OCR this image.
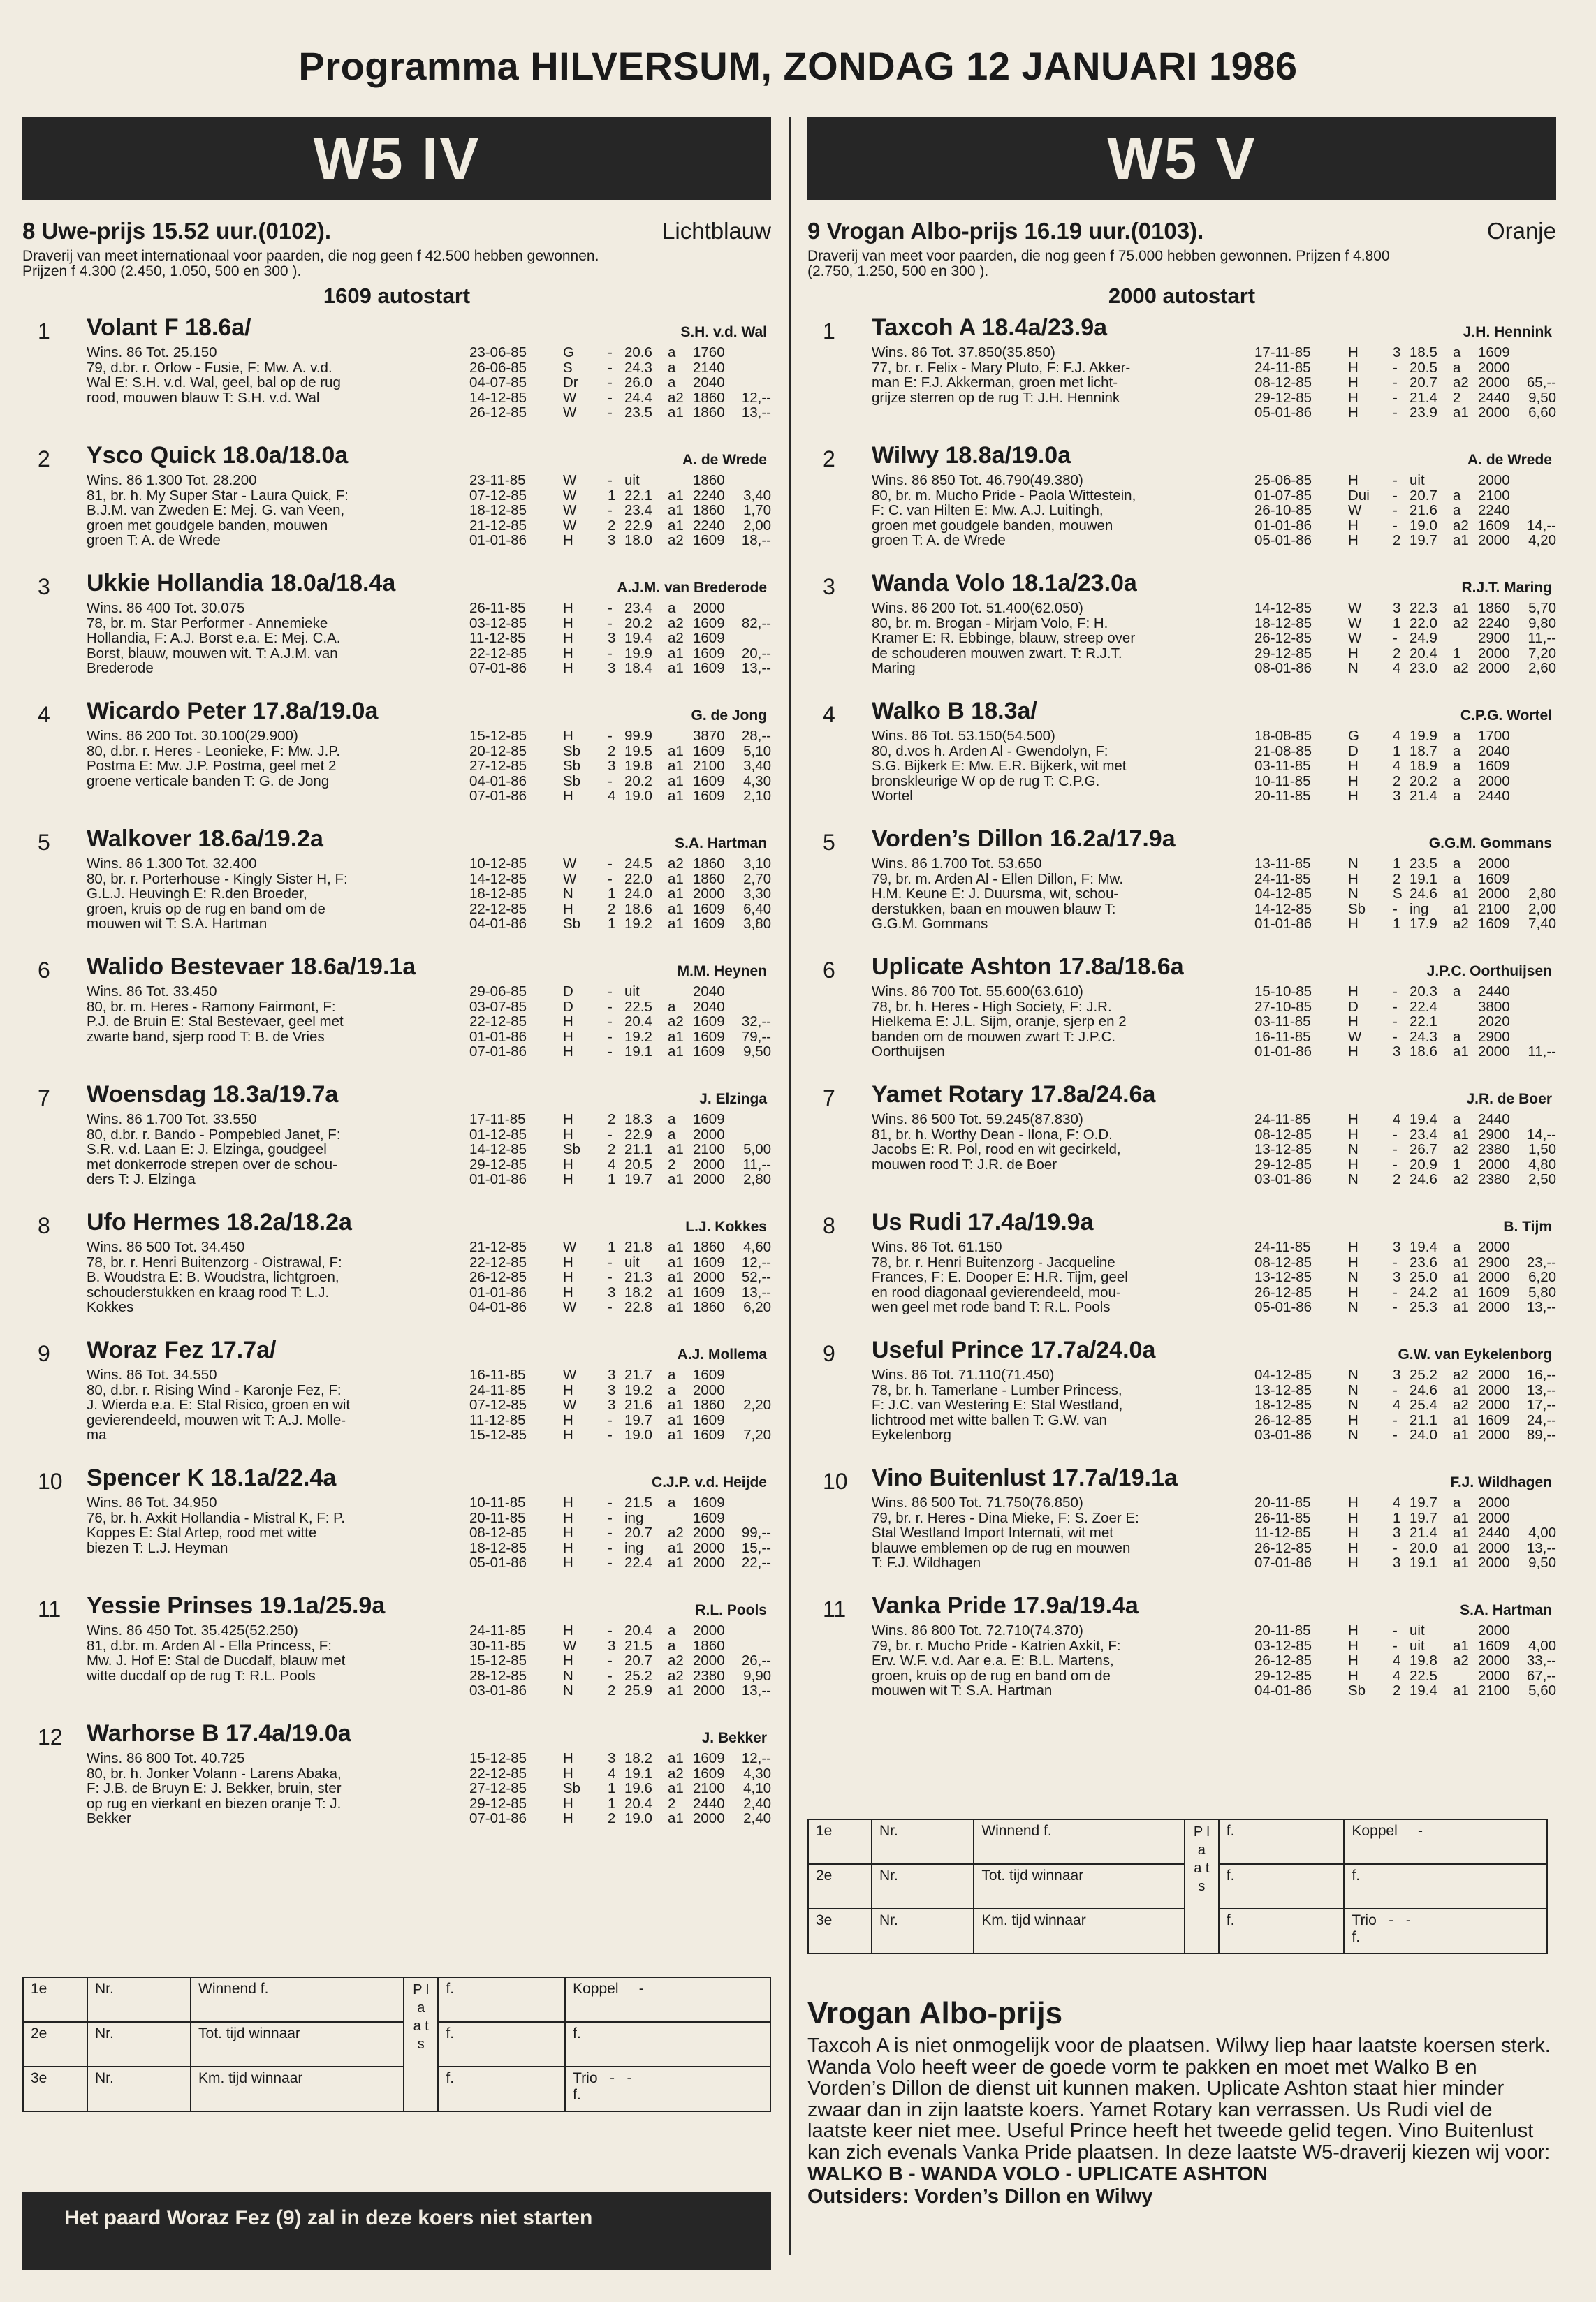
Programma HILVERSUM, ZONDAG 12 JANUARI 1986
W5 IV
8 Uwe-prijs 15.52 uur.(0102).	Lichtblauw
Draverij van meet internationaal voor paarden, die nog geen f 42.500 hebben gewonnen. Prijzen f 4.300 (2.450, 1.050, 500 en 300 ).
1609 autostart
1 Volant F 18.6a/	S.H. v.d. Wal
Wins. 86 Tot. 25.150
79, d.br. r. Orlow - Fusie, F: Mw. A. v.d.
Wal E: S.H. v.d. Wal, geel, bal op de rug
rood, mouwen blauw T: S.H. v.d. Wal
23-06-85	G - 20.6 a 1760
26-06-85	S - 24.3 a 2140
04-07-85	Dr - 26.0 a 2040
14-12-85	W - 24.4 a2 1860 12,--
26-12-85	W - 23.5 a1 1860 13,--
2 Ysco Quick 18.0a/18.0a	A. de Wrede
Wins. 86 1.300 Tot. 28.200
81, br. h. My Super Star - Laura Quick, F:
B.J.M. van Zweden E: Mej. G. van Veen,
groen met goudgele banden, mouwen
groen T: A. de Wrede
23-11-85	W - uit	1860
07-12-85	W 1 22.1 a1 2240 3,40
18-12-85	W - 23.4 a1 1860 1,70
21-12-85	W 2 22.9 a1 2240 2,00
01-01-86	H 3 18.0 a2 1609 18,--
3 Ukkie Hollandia 18.0a/18.4a	A.J.M. van Brederode
Wins. 86 400 Tot. 30.075
78, br. m. Star Performer - Annemieke
Hollandia, F: A.J. Borst e.a. E: Mej. C.A.
Borst, blauw, mouwen wit. T: A.J.M. van
Brederode
26-11-85	H - 23.4 a 2000
03-12-85	H - 20.2 a2 1609 82,--
11-12-85	H 3 19.4 a2 1609
22-12-85	H - 19.9 a1 1609 20,--
07-01-86	H 3 18.4 a1 1609 13,--
4 Wicardo Peter 17.8a/19.0a	G. de Jong
Wins. 86 200 Tot. 30.100(29.900)
80, d.br. r. Heres - Leonieke, F: Mw. J.P.
Postma E: Mw. J.P. Postma, geel met 2
groene verticale banden T: G. de Jong
15-12-85	H - 99.9	3870 28,--
20-12-85	Sb 2 19.5 a1 1609 5,10
27-12-85	Sb 3 19.8 a1 2100 3,40
04-01-86	Sb - 20.2 a1 1609 4,30
07-01-86	H 4 19.0 a1 1609 2,10
5 Walkover 18.6a/19.2a	S.A. Hartman
Wins. 86 1.300 Tot. 32.400
80, br. r. Porterhouse - Kingly Sister H, F:
G.L.J. Heuvingh E: R.den Broeder,
groen, kruis op de rug en band om de
mouwen wit T: S.A. Hartman
10-12-85	W - 24.5 a2 1860 3,10
14-12-85	W - 22.0 a1 1860 2,70
18-12-85	N 1 24.0 a1 2000 3,30
22-12-85	H 2 18.6 a1 1609 6,40
04-01-86	Sb 1 19.2 a1 1609 3,80
6 Walido Bestevaer 18.6a/19.1a	M.M. Heynen
Wins. 86 Tot. 33.450
80, br. m. Heres - Ramony Fairmont, F:
P.J. de Bruin E: Stal Bestevaer, geel met
zwarte band, sjerp rood T: B. de Vries
29-06-85	D - uit	2040
03-07-85	D - 22.5 a 2040
22-12-85	H - 20.4 a2 1609 32,--
01-01-86	H - 19.2 a1 1609 79,--
07-01-86	H - 19.1 a1 1609 9,50
7 Woensdag 18.3a/19.7a	J. Elzinga
Wins. 86 1.700 Tot. 33.550
80, d.br. r. Bando - Pompebled Janet, F:
S.R. v.d. Laan E: J. Elzinga, goudgeel
met donkerrode strepen over de schou-
ders T: J. Elzinga
17-11-85	H 2 18.3 a 1609
01-12-85	H - 22.9 a 2000
14-12-85	Sb 2 21.1 a1 2100 5,00
29-12-85	H 4 20.5 2 2000 11,--
01-01-86	H 1 19.7 a1 2000 2,80
8 Ufo Hermes 18.2a/18.2a	L.J. Kokkes
Wins. 86 500 Tot. 34.450
78, br. r. Henri Buitenzorg - Oistrawal, F:
B. Woudstra E: B. Woudstra, lichtgroen,
schouderstukken en kraag rood T: L.J.
Kokkes
21-12-85	W 1 21.8 a1 1860 4,60
22-12-85	H - uit a1 1609 12,--
26-12-85	H - 21.3 a1 2000 52,--
01-01-86	H 3 18.2 a1 1609 13,--
04-01-86	W - 22.8 a1 1860 6,20
9 Woraz Fez 17.7a/	A.J. Mollema
Wins. 86 Tot. 34.550
80, d.br. r. Rising Wind - Karonje Fez, F:
J. Wierda e.a. E: Stal Risico, groen en wit
gevierendeeld, mouwen wit T: A.J. Molle-
ma
16-11-85	W 3 21.7 a 1609
24-11-85	H 3 19.2 a 2000
07-12-85	W 3 21.6 a1 1860 2,20
11-12-85	H - 19.7 a1 1609
15-12-85	H - 19.0 a1 1609 7,20
10 Spencer K 18.1a/22.4a	C.J.P. v.d. Heijde
Wins. 86 Tot. 34.950
76, br. h. Axkit Hollandia - Mistral K, F: P.
Koppes E: Stal Artep, rood met witte
biezen T: L.J. Heyman
10-11-85	H - 21.5 a 1609
20-11-85	H - ing	1609
08-12-85	H - 20.7 a2 2000 99,--
18-12-85	H - ing a1 2000 15,--
05-01-86	H - 22.4 a1 2000 22,--
11 Yessie Prinses 19.1a/25.9a	R.L. Pools
Wins. 86 450 Tot. 35.425(52.250)
81, d.br. m. Arden Al - Ella Princess, F:
Mw. J. Hof E: Stal de Ducdalf, blauw met
witte ducdalf op de rug T: R.L. Pools
24-11-85	H - 20.4 a 2000
30-11-85	W 3 21.5 a 1860
15-12-85	H - 20.7 a2 2000 26,--
28-12-85	N - 25.2 a2 2380 9,90
03-01-86	N 2 25.9 a1 2000 13,--
12 Warhorse B 17.4a/19.0a	J. Bekker
Wins. 86 800 Tot. 40.725
80, br. h. Jonker Volann - Larens Abaka,
F: J.B. de Bruyn E: J. Bekker, bruin, ster
op rug en vierkant en biezen oranje T: J.
Bekker
15-12-85	H 3 18.2 a1 1609 12,--
22-12-85	H 4 19.1 a2 1609 4,30
27-12-85	Sb 1 19.6 a1 2100 4,10
29-12-85	H 1 20.4 2 2440 2,40
07-01-86	H 2 19.0 a1 2000 2,40
W5 V
9 Vrogan Albo-prijs 16.19 uur.(0103).	Oranje
Draverij van meet voor paarden, die nog geen f 75.000 hebben gewonnen. Prijzen f 4.800 (2.750, 1.250, 500 en 300 ).
2000 autostart
1 Taxcoh A 18.4a/23.9a	J.H. Hennink
Wins. 86 Tot. 37.850(35.850)
77, br. r. Felix - Mary Pluto, F: F.J. Akker-
man E: F.J. Akkerman, groen met licht-
grijze sterren op de rug T: J.H. Hennink
17-11-85	H 3 18.5 a 1609
24-11-85	H - 20.5 a 2000
08-12-85	H - 20.7 a2 2000 65,--
29-12-85	H - 21.4 2 2440 9,50
05-01-86	H - 23.9 a1 2000 6,60
2 Wilwy 18.8a/19.0a	A. de Wrede
Wins. 86 850 Tot. 46.790(49.380)
80, br. m. Mucho Pride - Paola Wittestein,
F: C. van Hilten E: Mw. A.J. Luitingh,
groen met goudgele banden, mouwen
groen T: A. de Wrede
25-06-85	H - uit	2000
01-07-85	Dui - 20.7 a 2100
26-10-85	W - 21.6 a 2240
01-01-86	H - 19.0 a2 1609 14,--
05-01-86	H 2 19.7 a1 2000 4,20
3 Wanda Volo 18.1a/23.0a	R.J.T. Maring
Wins. 86 200 Tot. 51.400(62.050)
80, br. m. Brogan - Mirjam Volo, F: H.
Kramer E: R. Ebbinge, blauw, streep over
de schouderen mouwen zwart. T: R.J.T.
Maring
14-12-85	W 3 22.3 a1 1860 5,70
18-12-85	W 1 22.0 a2 2240 9,80
26-12-85	W - 24.9	2900 11,--
29-12-85	H 2 20.4 1 2000 7,20
08-01-86	N 4 23.0 a2 2000 2,60
4 Walko B 18.3a/	C.P.G. Wortel
Wins. 86 Tot. 53.150(54.500)
80, d.vos h. Arden Al - Gwendolyn, F:
S.G. Bijkerk E: Mw. E.R. Bijkerk, wit met
bronskleurige W op de rug T: C.P.G.
Wortel
18-08-85	G 4 19.9 a 1700
21-08-85	D 1 18.7 a 2040
03-11-85	H 4 18.9 a 1609
10-11-85	H 2 20.2 a 2000
20-11-85	H 3 21.4 a 2440
5 Vorden’s Dillon 16.2a/17.9a	G.G.M. Gommans
Wins. 86 1.700 Tot. 53.650
79, br. m. Arden Al - Ellen Dillon, F: Mw.
H.M. Keune E: J. Duursma, wit, schou-
derstukken, baan en mouwen blauw T:
G.G.M. Gommans
13-11-85	N 1 23.5 a 2000
24-11-85	H 2 19.1 a 1609
04-12-85	N S 24.6 a1 2000 2,80
14-12-85	Sb - ing a1 2100 2,00
01-01-86	H 1 17.9 a2 1609 7,40
6 Uplicate Ashton 17.8a/18.6a	J.P.C. Oorthuijsen
Wins. 86 700 Tot. 55.600(63.610)
78, br. h. Heres - High Society, F: J.R.
Hielkema E: J.L. Sijm, oranje, sjerp en 2
banden om de mouwen zwart T: J.P.C.
Oorthuijsen
15-10-85	H - 20.3 a 2440
27-10-85	D - 22.4	3800
03-11-85	H - 22.1	2020
16-11-85	W - 24.3 a 2900
01-01-86	H 3 18.6 a1 2000 11,--
7 Yamet Rotary 17.8a/24.6a	J.R. de Boer
Wins. 86 500 Tot. 59.245(87.830)
81, br. h. Worthy Dean - Ilona, F: O.D.
Jacobs E: R. Pol, rood en wit gecirkeld,
mouwen rood T: J.R. de Boer
24-11-85	H 4 19.4 a 2440
08-12-85	H - 23.4 a1 2900 14,--
13-12-85	N - 26.7 a2 2380 1,50
29-12-85	H - 20.9 1 2000 4,80
03-01-86	N 2 24.6 a2 2380 2,50
8 Us Rudi 17.4a/19.9a	B. Tijm
Wins. 86 Tot. 61.150
78, br. r. Henri Buitenzorg - Jacqueline
Frances, F: E. Dooper E: H.R. Tijm, geel
en rood diagonaal gevierendeeld, mou-
wen geel met rode band T: R.L. Pools
24-11-85	H 3 19.4 a 2000
08-12-85	H - 23.6 a1 2900 23,--
13-12-85	N 3 25.0 a1 2000 6,20
26-12-85	H - 24.2 a1 1609 5,80
05-01-86	N - 25.3 a1 2000 13,--
9 Useful Prince 17.7a/24.0a	G.W. van Eykelenborg
Wins. 86 Tot. 71.110(71.450)
78, br. h. Tamerlane - Lumber Princess,
F: J.C. van Westering E: Stal Westland,
lichtrood met witte ballen T: G.W. van
Eykelenborg
04-12-85	N 3 25.2 a2 2000 16,--
13-12-85	N - 24.6 a1 2000 13,--
18-12-85	N 4 25.4 a2 2000 17,--
26-12-85	H - 21.1 a1 1609 24,--
03-01-86	N - 24.0 a1 2000 89,--
10 Vino Buitenlust 17.7a/19.1a	F.J. Wildhagen
Wins. 86 500 Tot. 71.750(76.850)
79, br. r. Heres - Dina Mieke, F: S. Zoer E:
Stal Westland Import Internati, wit met
blauwe emblemen op de rug en mouwen
T: F.J. Wildhagen
20-11-85	H 4 19.7 a 2000
26-11-85	H 1 19.7 a1 2000
11-12-85	H 3 21.4 a1 2440 4,00
26-12-85	H - 20.0 a1 2000 13,--
07-01-86	H 3 19.1 a1 2000 9,50
11 Vanka Pride 17.9a/19.4a	S.A. Hartman
Wins. 86 800 Tot. 72.710(74.370)
79, br. r. Mucho Pride - Katrien Axkit, F:
Erv. W.F. v.d. Aar e.a. E: B.L. Martens,
groen, kruis op de rug en band om de
mouwen wit T: S.A. Hartman
20-11-85	H - uit	2000
03-12-85	H - uit a1 1609 4,00
26-12-85	H 4 19.8 a2 2000 33,--
29-12-85	H 4 22.5	2000 67,--
04-01-86	Sb 2 19.4 a1 2100 5,60
1e	Nr.	Winnend f.	P l a a t s	f.	Koppel -
2e	Nr.	Tot. tijd winnaar		f.	f.
3e	Nr.	Km. tijd winnaar		f.	Trio - -
f.
1e	Nr.	Winnend f.	P l a a t s	f.	Koppel -
2e	Nr.	Tot. tijd winnaar		f.	f.
3e	Nr.	Km. tijd winnaar		f.	Trio - -
f.
Het paard Woraz Fez (9) zal in deze koers niet starten
Vrogan Albo-prijs
Taxcoh A is niet onmogelijk voor de plaatsen. Wilwy liep haar laatste koersen sterk. Wanda Volo heeft weer de goede vorm te pakken en moet met Walko B en Vorden’s Dillon de dienst uit kunnen maken. Uplicate Ashton staat hier minder zwaar dan in zijn laatste koers. Yamet Rotary kan verrassen. Us Rudi viel de laatste keer niet mee. Useful Prince heeft het tweede gelid tegen. Vino Buitenlust kan zich evenals Vanka Pride plaatsen. In deze laatste W5-draverij kiezen wij voor:
WALKO B - WANDA VOLO - UPLICATE ASHTON
Outsiders: Vorden’s Dillon en Wilwy
